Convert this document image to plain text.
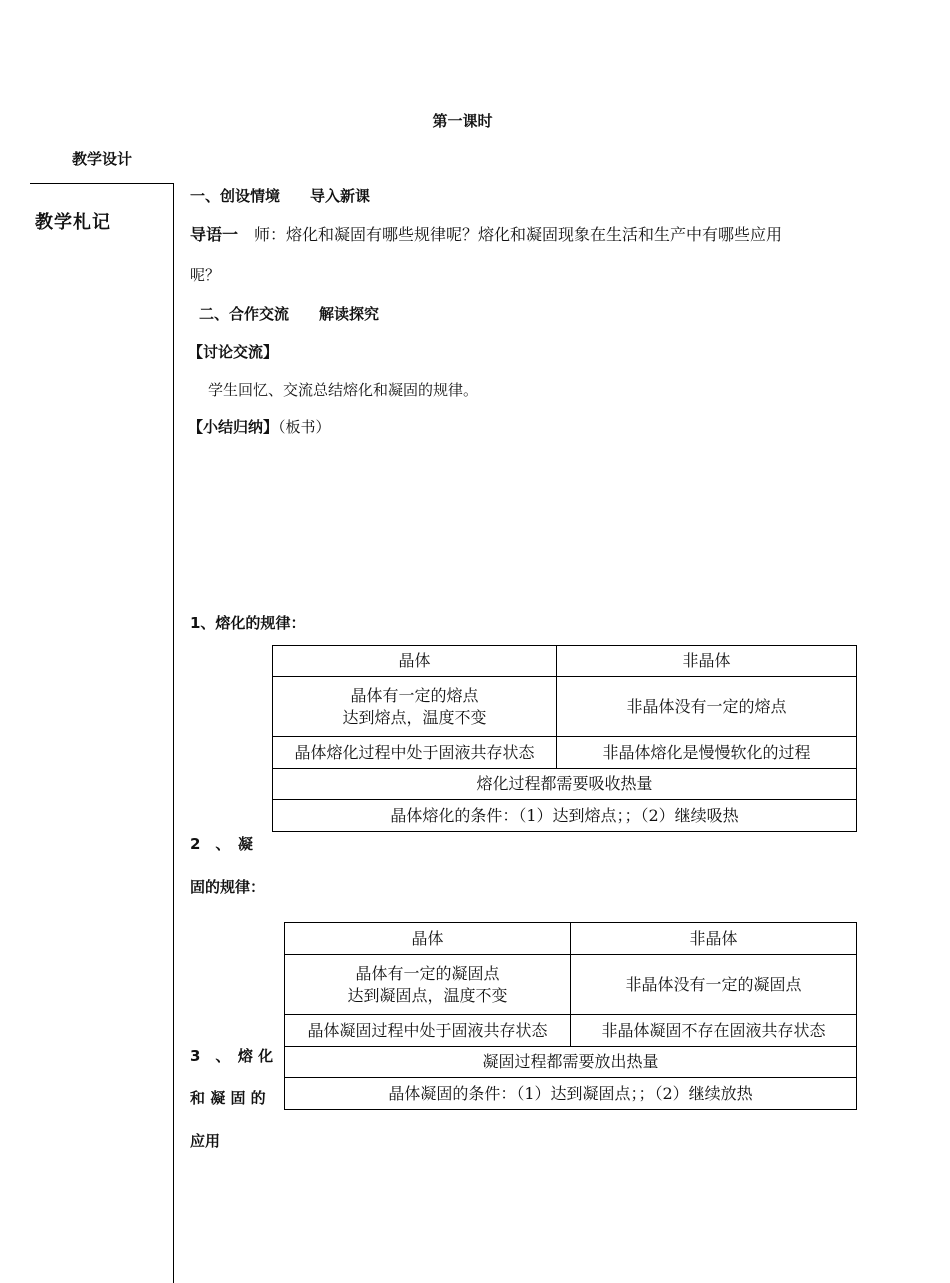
第一课时
教学设计
教学札记
一、创设情境　　导入新课
导语一　师：熔化和凝固有哪些规律呢？熔化和凝固现象在生活和生产中有哪些应用
呢？
二、合作交流　　解读探究
【讨论交流】
学生回忆、交流总结熔化和凝固的规律。
【小结归纳】（板书）
1、熔化的规律：
晶体	非晶体

晶体有一定的熔点
达到熔点，温度不变	非晶体没有一定的熔点
晶体熔化过程中处于固液共存状态	非晶体熔化是慢慢软化的过程
熔化过程都需要吸收热量	
晶体熔化的条件：（1）达到熔点；；（2）继续吸热	
2　、　凝
固的规律：
晶体	非晶体

晶体有一定的凝固点
达到凝固点，温度不变	非晶体没有一定的凝固点
晶体凝固过程中处于固液共存状态	非晶体凝固不存在固液共存状态
凝固过程都需要放出热量	
晶体凝固的条件：（1）达到凝固点；；（2）继续放热	
3　、　熔 化
和 凝 固 的
应用
